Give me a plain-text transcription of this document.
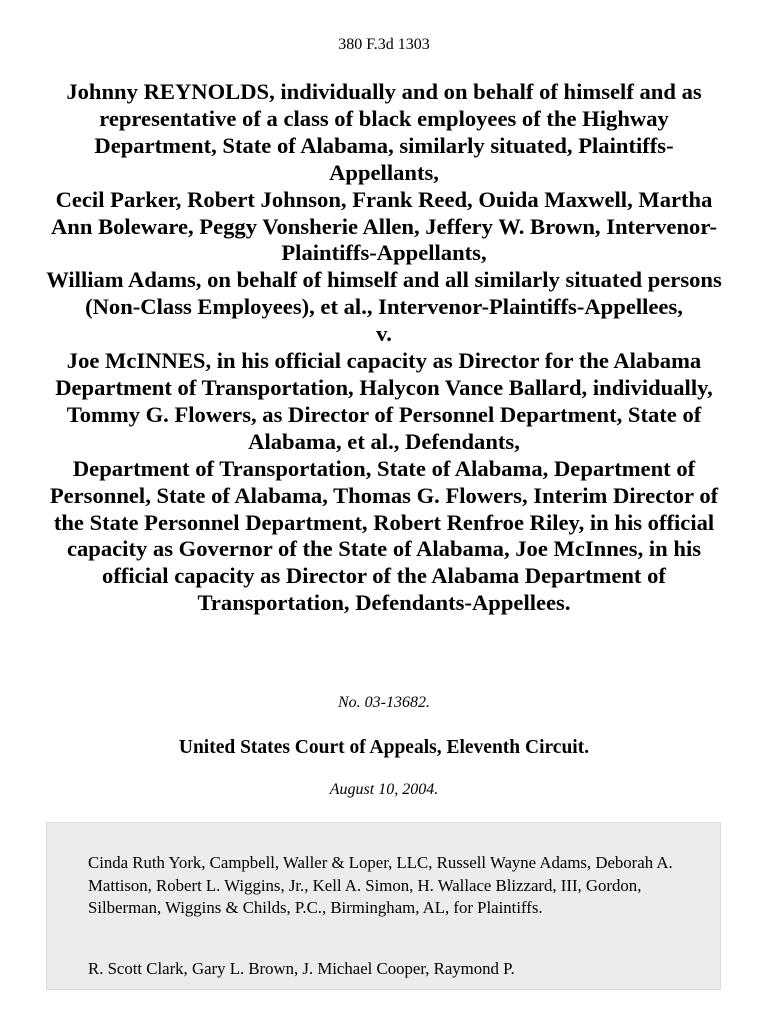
380 F.3d 1303
Johnny REYNOLDS, individually and on behalf of himself and as representative of a class of black employees of the Highway Department, State of Alabama, similarly situated, Plaintiffs-Appellants,
Cecil Parker, Robert Johnson, Frank Reed, Ouida Maxwell, Martha Ann Boleware, Peggy Vonsherie Allen, Jeffery W. Brown, Intervenor-Plaintiffs-Appellants,
William Adams, on behalf of himself and all similarly situated persons (Non-Class Employees), et al., Intervenor-Plaintiffs-Appellees,
v.
Joe McINNES, in his official capacity as Director for the Alabama Department of Transportation, Halycon Vance Ballard, individually, Tommy G. Flowers, as Director of Personnel Department, State of Alabama, et al., Defendants,
Department of Transportation, State of Alabama, Department of Personnel, State of Alabama, Thomas G. Flowers, Interim Director of the State Personnel Department, Robert Renfroe Riley, in his official capacity as Governor of the State of Alabama, Joe McInnes, in his official capacity as Director of the Alabama Department of Transportation, Defendants-Appellees.
No. 03-13682.
United States Court of Appeals, Eleventh Circuit.
August 10, 2004.

Cinda Ruth York, Campbell, Waller & Loper, LLC, Russell Wayne Adams, Deborah A. Mattison, Robert L. Wiggins, Jr., Kell A. Simon, H. Wallace Blizzard, III, Gordon, Silberman, Wiggins & Childs, P.C., Birmingham, AL, for Plaintiffs.

R. Scott Clark, Gary L. Brown, J. Michael Cooper, Raymond P.
